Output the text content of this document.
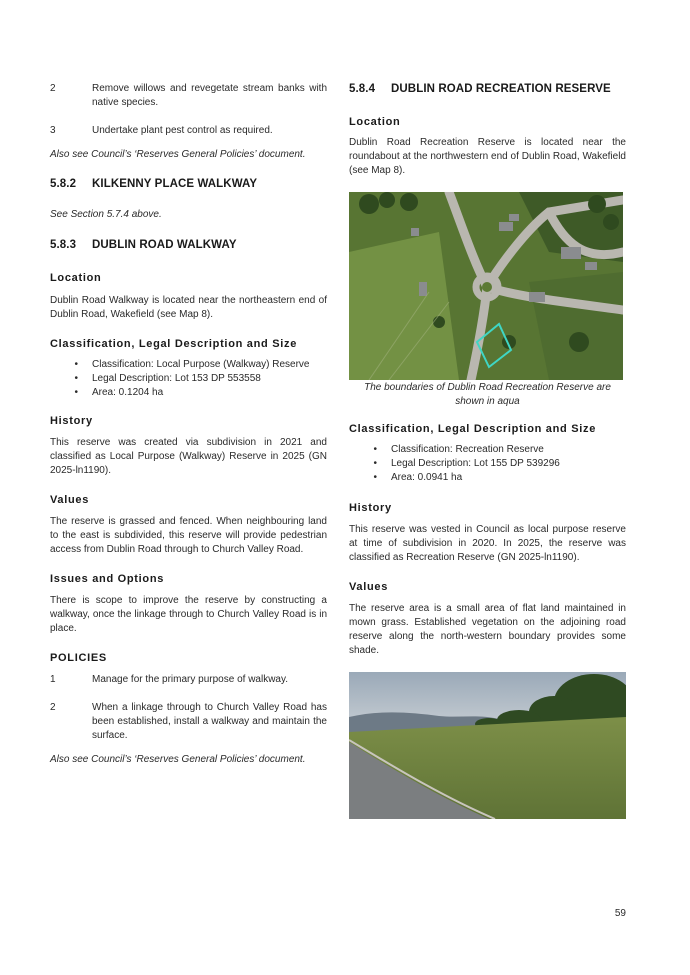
2	Remove willows and revegetate stream banks with native species.
3	Undertake plant pest control as required.

Also see Council’s ‘Reserves General Policies’ document.

5.8.2 KILKENNY PLACE WALKWAY

See Section 5.7.4 above.

5.8.3 DUBLIN ROAD WALKWAY
Location

Dublin Road Walkway is located near the northeastern end of Dublin Road, Wakefield (see Map 8).

Classification, Legal Description and Size
•	Classification: Local Purpose (Walkway) Reserve
•	Legal Description: Lot 153 DP 553558
•	Area: 0.1204 ha
History

This reserve was created via subdivision in 2021 and classified as Local Purpose (Walkway) Reserve in 2025 (GN 2025-ln1190).

Values

The reserve is grassed and fenced. When neighbouring land to the east is subdivided, this reserve will provide pedestrian access from Dublin Road through to Church Valley Road.

Issues and Options

There is scope to improve the reserve by constructing a walkway, once the linkage through to Church Valley Road is in place.

POLICIES
1	Manage for the primary purpose of walkway.
2	When a linkage through to Church Valley Road has been established, install a walkway and maintain the surface.

Also see Council’s ‘Reserves General Policies’ document.

5.8.4 DUBLIN ROAD RECREATION RESERVE
Location

Dublin Road Recreation Reserve is located near the roundabout at the northwestern end of Dublin Road, Wakefield (see Map 8).

The boundaries of Dublin Road Recreation Reserve are shown in aqua

Classification, Legal Description and Size
•	Classification: Recreation Reserve
•	Legal Description: Lot 155 DP 539296
•	Area: 0.0941 ha
History

This reserve was vested in Council as local purpose reserve at time of subdivision in 2020. In 2025, the reserve was classified as Recreation Reserve (GN 2025-ln1190).

Values

The reserve area is a small area of flat land maintained in mown grass. Established vegetation on the adjoining road reserve along the north-western boundary provides some shade.

59
